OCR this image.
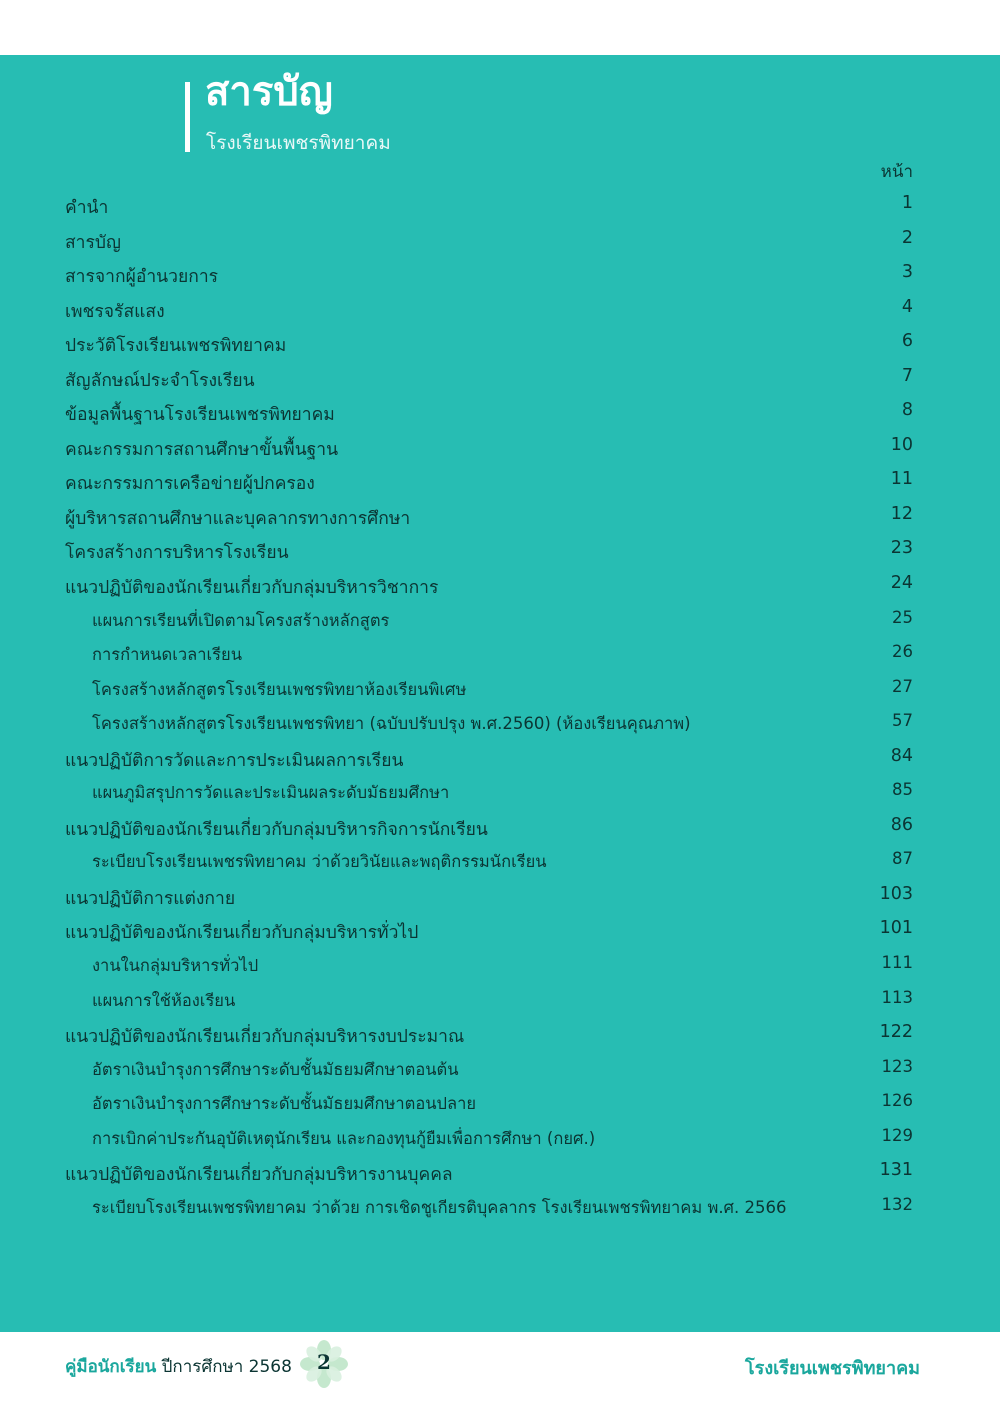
สารบัญ
โรงเรียนเพชรพิทยาคม
หน้า
คำนำ	1
สารบัญ	2
สารจากผู้อำนวยการ	3
เพชรจรัสแสง	4
ประวัติโรงเรียนเพชรพิทยาคม	6
สัญลักษณ์ประจำโรงเรียน	7
ข้อมูลพื้นฐานโรงเรียนเพชรพิทยาคม	8
คณะกรรมการสถานศึกษาขั้นพื้นฐาน	10
คณะกรรมการเครือข่ายผู้ปกครอง	11
ผู้บริหารสถานศึกษาและบุคลากรทางการศึกษา	12
โครงสร้างการบริหารโรงเรียน	23
แนวปฏิบัติของนักเรียนเกี่ยวกับกลุ่มบริหารวิชาการ	24
แผนการเรียนที่เปิดตามโครงสร้างหลักสูตร	25
การกำหนดเวลาเรียน	26
โครงสร้างหลักสูตรโรงเรียนเพชรพิทยาห้องเรียนพิเศษ	27
โครงสร้างหลักสูตรโรงเรียนเพชรพิทยา (ฉบับปรับปรุง พ.ศ.2560) (ห้องเรียนคุณภาพ)	57
แนวปฏิบัติการวัดและการประเมินผลการเรียน	84
แผนภูมิสรุปการวัดและประเมินผลระดับมัธยมศึกษา	85
แนวปฏิบัติของนักเรียนเกี่ยวกับกลุ่มบริหารกิจการนักเรียน	86
ระเบียบโรงเรียนเพชรพิทยาคม ว่าด้วยวินัยและพฤติกรรมนักเรียน	87
แนวปฏิบัติการแต่งกาย	103
แนวปฏิบัติของนักเรียนเกี่ยวกับกลุ่มบริหารทั่วไป	101
งานในกลุ่มบริหารทั่วไป	111
แผนการใช้ห้องเรียน	113
แนวปฏิบัติของนักเรียนเกี่ยวกับกลุ่มบริหารงบประมาณ	122
อัตราเงินบำรุงการศึกษาระดับชั้นมัธยมศึกษาตอนต้น	123
อัตราเงินบำรุงการศึกษาระดับชั้นมัธยมศึกษาตอนปลาย	126
การเบิกค่าประกันอุบัติเหตุนักเรียน และกองทุนกู้ยืมเพื่อการศึกษา (กยศ.)	129
แนวปฏิบัติของนักเรียนเกี่ยวกับกลุ่มบริหารงานบุคคล	131
ระเบียบโรงเรียนเพชรพิทยาคม ว่าด้วย การเชิดชูเกียรติบุคลากร โรงเรียนเพชรพิทยาคม พ.ศ. 2566	132
คู่มือนักเรียน ปีการศึกษา 2568	2	โรงเรียนเพชรพิทยาคม
